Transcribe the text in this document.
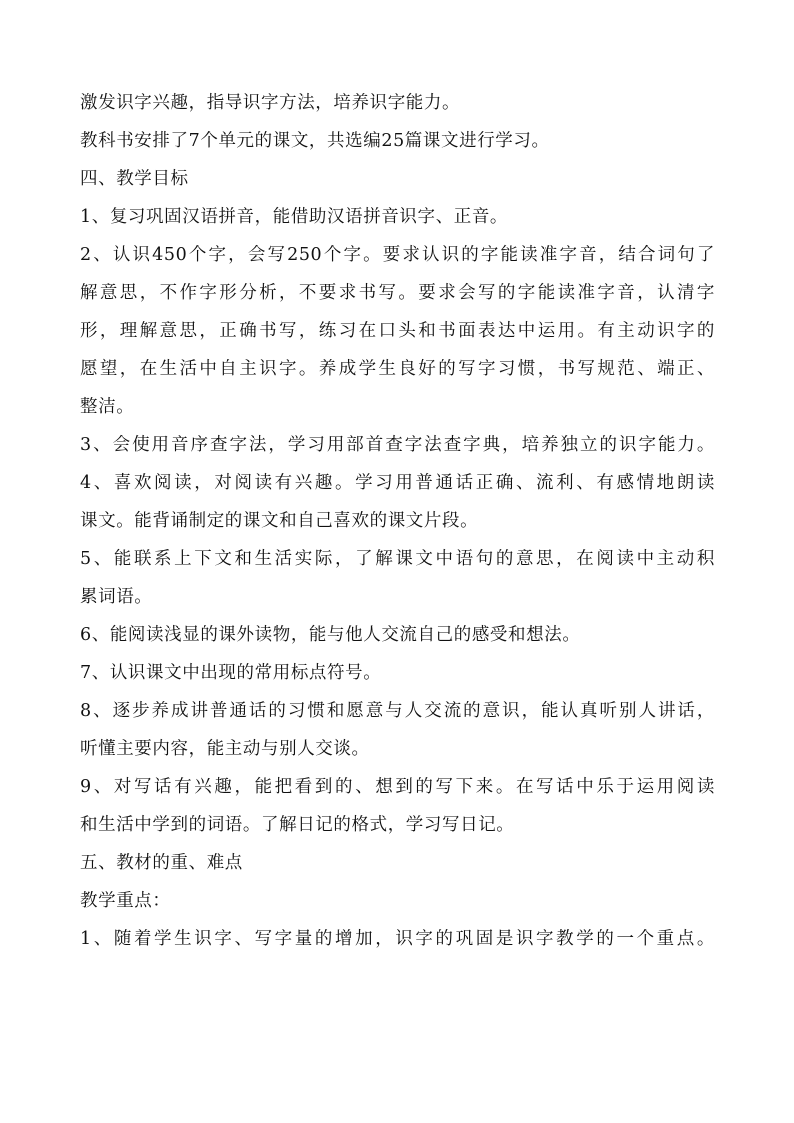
激发识字兴趣，指导识字方法，培养识字能力。
教科书安排了7个单元的课文，共选编25篇课文进行学习。
四、教学目标
1、复习巩固汉语拼音，能借助汉语拼音识字、正音。
2、认识450个字，会写250个字。要求认识的字能读准字音，结合词句了
解意思，不作字形分析，不要求书写。要求会写的字能读准字音，认清字
形，理解意思，正确书写，练习在口头和书面表达中运用。有主动识字的
愿望，在生活中自主识字。养成学生良好的写字习惯，书写规范、端正、
整洁。
3、会使用音序查字法，学习用部首查字法查字典，培养独立的识字能力。
4、喜欢阅读，对阅读有兴趣。学习用普通话正确、流利、有感情地朗读
课文。能背诵制定的课文和自己喜欢的课文片段。
5、能联系上下文和生活实际，了解课文中语句的意思，在阅读中主动积
累词语。
6、能阅读浅显的课外读物，能与他人交流自己的感受和想法。
7、认识课文中出现的常用标点符号。
8、逐步养成讲普通话的习惯和愿意与人交流的意识，能认真听别人讲话，
听懂主要内容，能主动与别人交谈。
9、对写话有兴趣，能把看到的、想到的写下来。在写话中乐于运用阅读
和生活中学到的词语。了解日记的格式，学习写日记。
五、教材的重、难点
教学重点：
1、随着学生识字、写字量的增加，识字的巩固是识字教学的一个重点。
